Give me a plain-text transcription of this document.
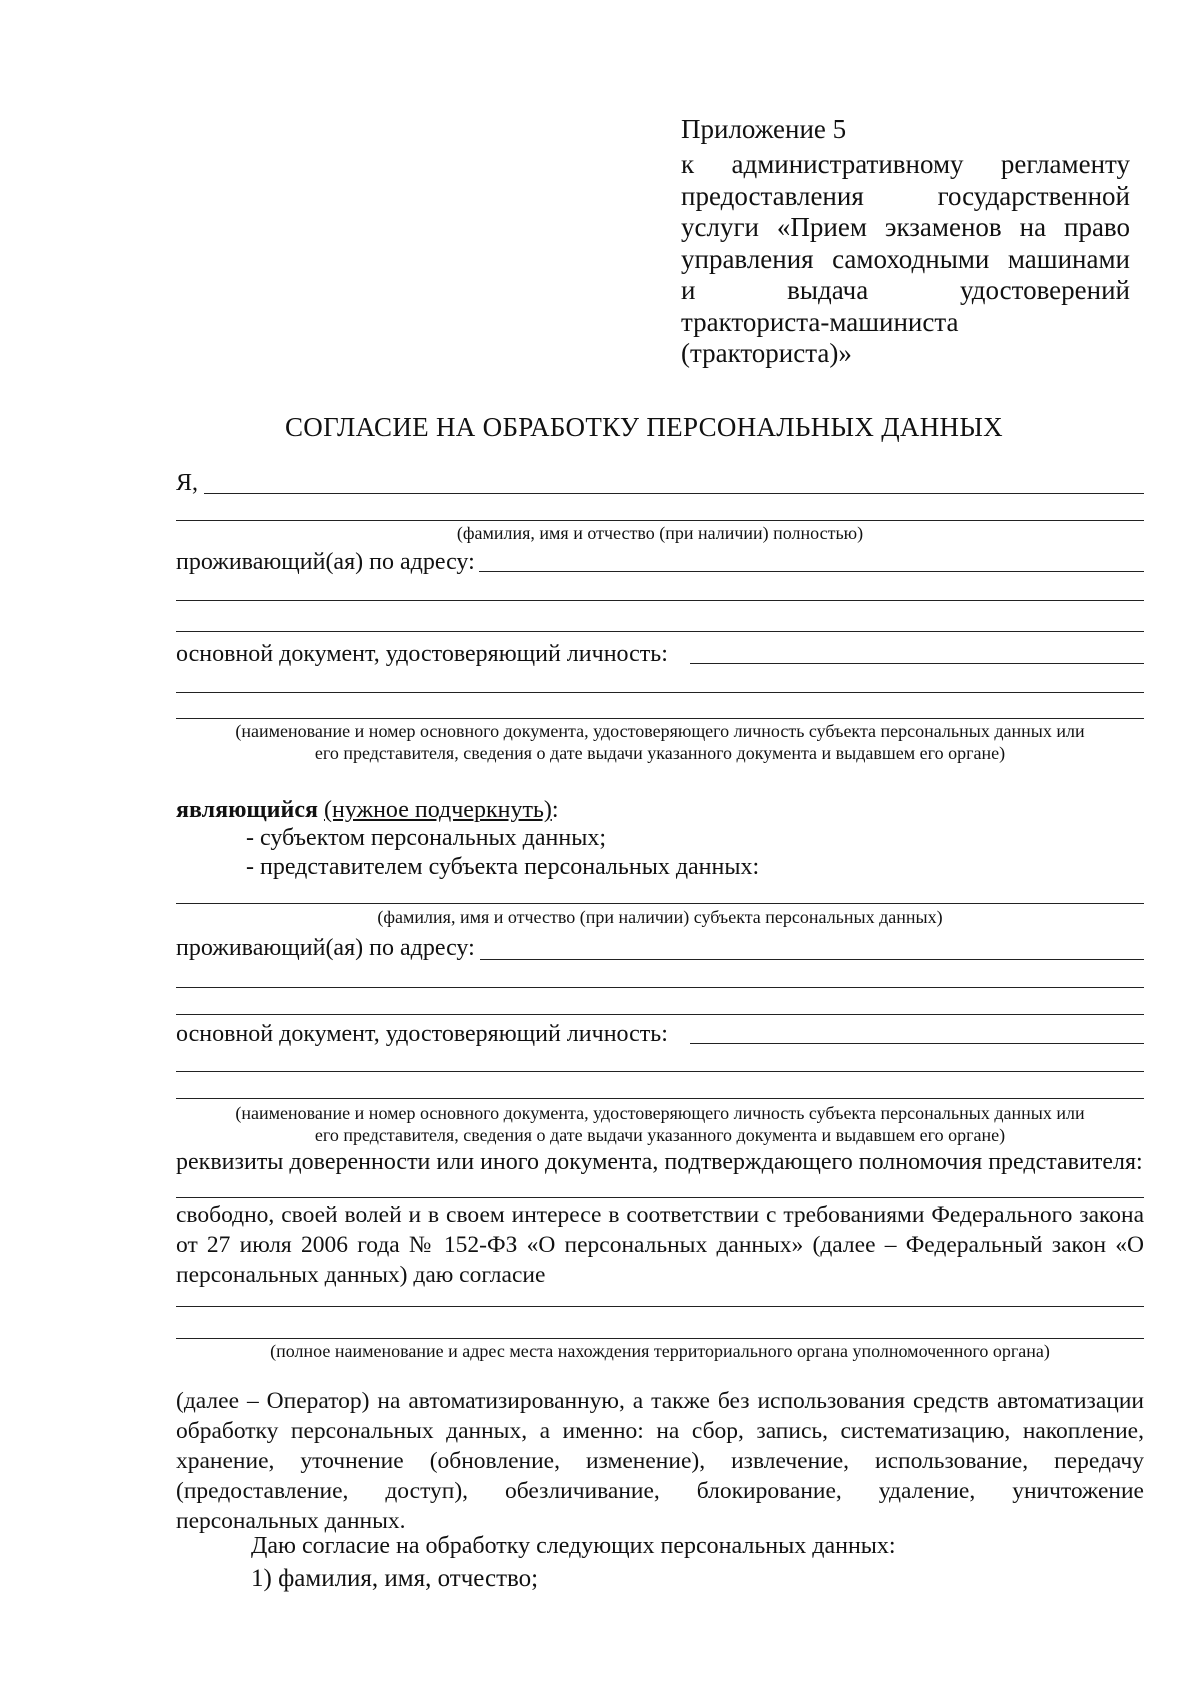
Приложение 5
к административному регламенту
предоставления государственной
услуги «Прием экзаменов на право
управления самоходными машинами
и выдача удостоверений
тракториста-машиниста
(тракториста)»
СОГЛАСИЕ НА ОБРАБОТКУ ПЕРСОНАЛЬНЫХ ДАННЫХ
Я,
(фамилия, имя и отчество (при наличии) полностью)
проживающий(ая) по адресу:
основной документ, удостоверяющий личность:
(наименование и номер основного документа, удостоверяющего личность субъекта персональных данных или
его представителя, сведения о дате выдачи указанного документа и выдавшем его органе)
являющийся (нужное подчеркнуть):
- субъектом персональных данных;
- представителем субъекта персональных данных:
(фамилия, имя и отчество (при наличии) субъекта персональных данных)
проживающий(ая) по адресу:
основной документ, удостоверяющий личность:
(наименование и номер основного документа, удостоверяющего личность субъекта персональных данных или
его представителя, сведения о дате выдачи указанного документа и выдавшем его органе)
реквизиты доверенности или иного документа, подтверждающего полномочия представителя:
свободно, своей волей и в своем интересе в соответствии с требованиями Федерального закона
от 27 июля 2006 года № 152-ФЗ «О персональных данных» (далее – Федеральный закон «О
персональных данных) даю согласие
(полное наименование и адрес места нахождения территориального органа уполномоченного органа)
(далее – Оператор) на автоматизированную, а также без использования средств автоматизации
обработку персональных данных, а именно: на сбор, запись, систематизацию, накопление,
хранение, уточнение (обновление, изменение), извлечение, использование, передачу
(предоставление, доступ), обезличивание, блокирование, удаление, уничтожение
персональных данных.
Даю согласие на обработку следующих персональных данных:
1) фамилия, имя, отчество;
